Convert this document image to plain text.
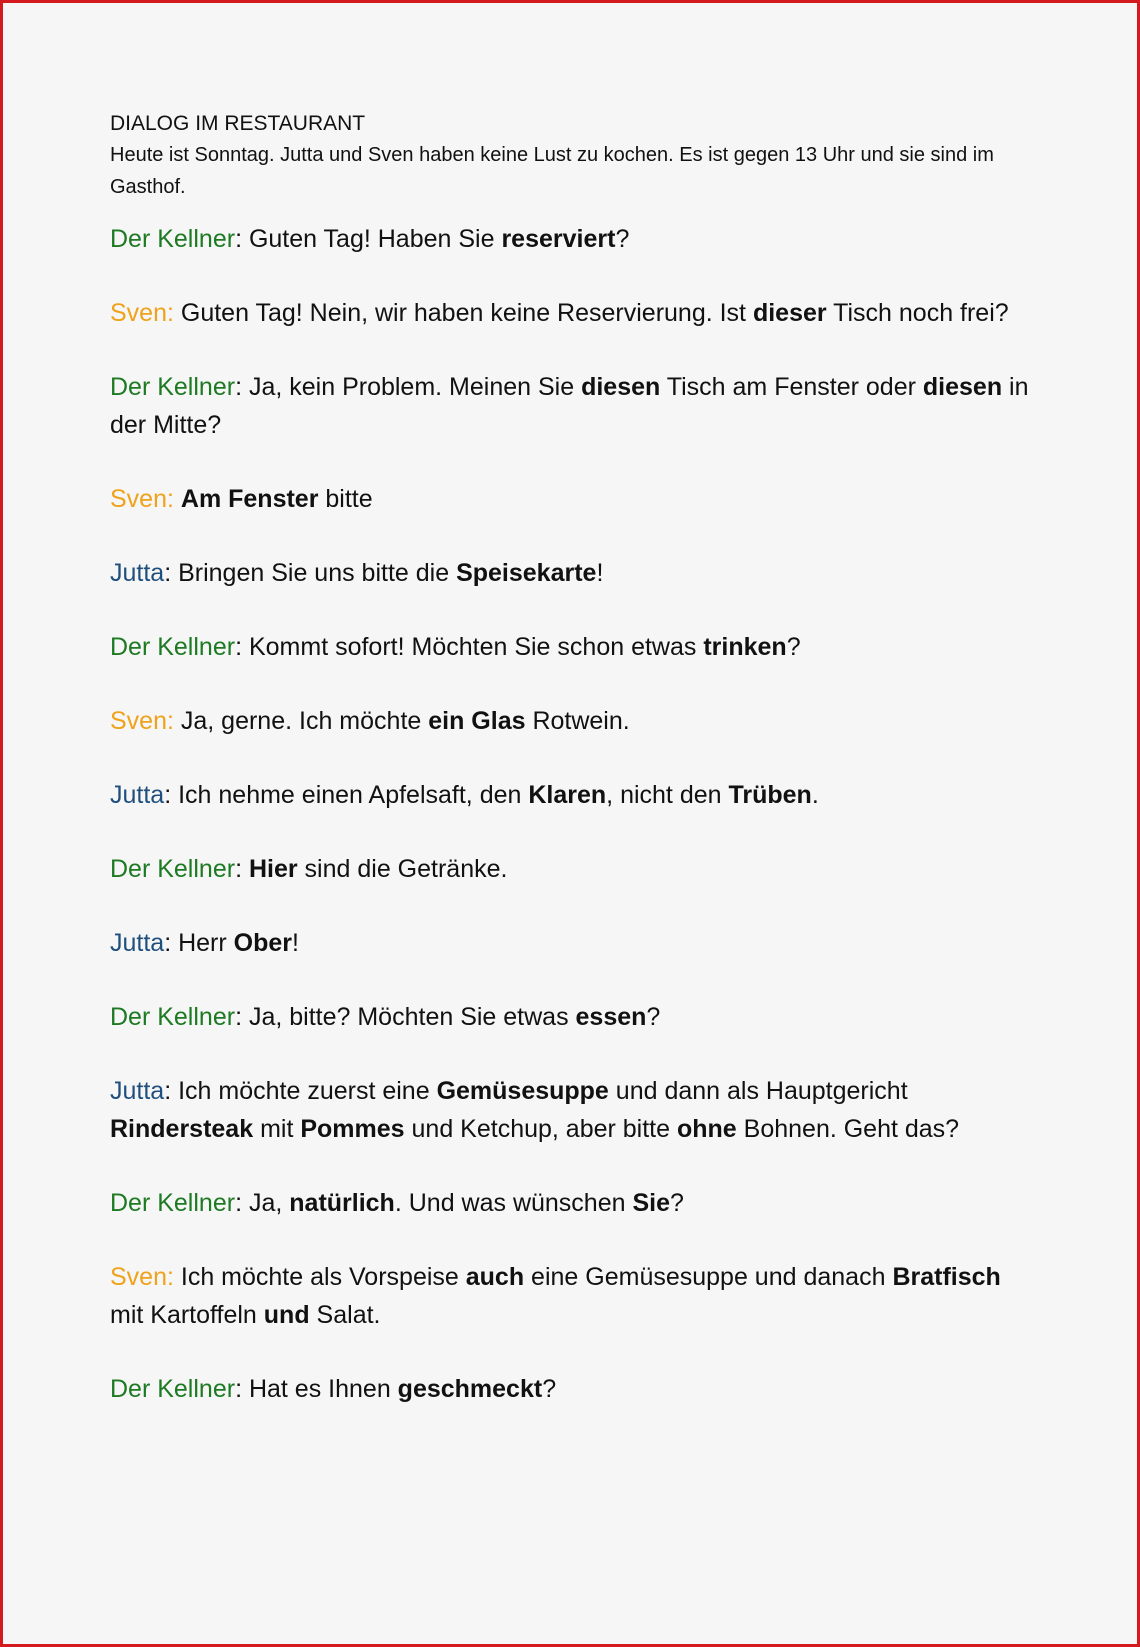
DIALOG IM RESTAURANT
Heute ist Sonntag. Jutta und Sven haben keine Lust zu kochen. Es ist gegen 13 Uhr und sie sind im Gasthof.

Der Kellner: Guten Tag! Haben Sie reserviert?

Sven: Guten Tag! Nein, wir haben keine Reservierung. Ist dieser Tisch noch frei?

Der Kellner: Ja, kein Problem. Meinen Sie diesen Tisch am Fenster oder diesen in der Mitte?

Sven: Am Fenster bitte

Jutta: Bringen Sie uns bitte die Speisekarte!

Der Kellner: Kommt sofort! Möchten Sie schon etwas trinken?

Sven: Ja, gerne. Ich möchte ein Glas Rotwein.

Jutta: Ich nehme einen Apfelsaft, den Klaren, nicht den Trüben.

Der Kellner: Hier sind die Getränke.

Jutta: Herr Ober!

Der Kellner: Ja, bitte? Möchten Sie etwas essen?

Jutta: Ich möchte zuerst eine Gemüsesuppe und dann als Hauptgericht Rindersteak mit Pommes und Ketchup, aber bitte ohne Bohnen. Geht das?

Der Kellner: Ja, natürlich. Und was wünschen Sie?

Sven: Ich möchte als Vorspeise auch eine Gemüsesuppe und danach Bratfisch mit Kartoffeln und Salat.

Der Kellner: Hat es Ihnen geschmeckt?
